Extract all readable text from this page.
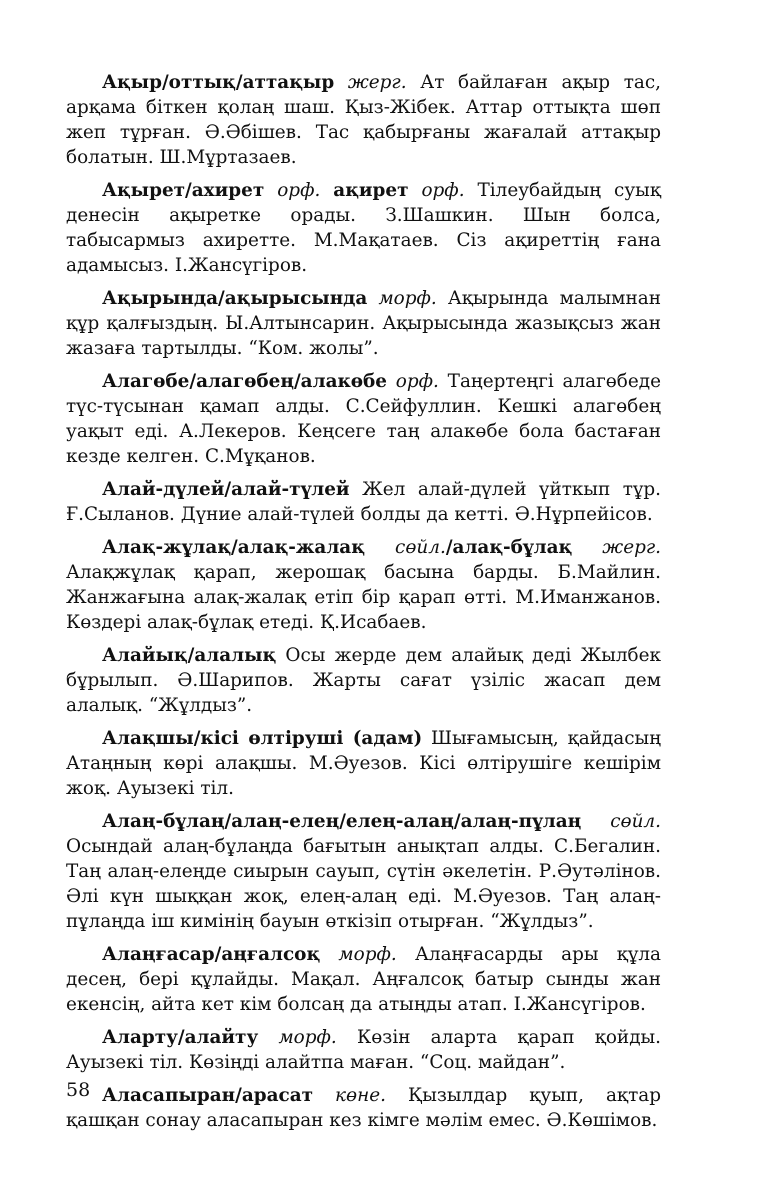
Ақыр/оттық/аттақыр жерг. Ат байлаған ақыр тас, арқама біткен қолаң шаш. Қыз-Жібек. Аттар оттықта шөп жеп тұрған. Ә.Әбішев. Тас қабырғаны жағалай аттақыр болатын. Ш.Мұртазаев.

Ақырет/ахирет орф. ақирет орф. Тілеубайдың суық денесін ақыретке орады. З.Шашкин. Шын болса, табысармыз ахиретте. М.Мақатаев. Сіз ақиреттің ғана адамысыз. І.Жансүгіров.

Ақырында/ақырысында морф. Ақырында малымнан құр қалғыздың. Ы.Алтынсарин. Ақырысында жазықсыз жан жазаға тартылды. “Ком. жолы”.

Алагөбе/алагөбең/алакөбе орф. Таңертеңгі алагөбеде түс-түсынан қамап алды. С.Сейфуллин. Кешкі алагөбең уақыт еді. А.Лекеров. Кеңсеге таң алакөбе бола бастаған кезде келген. С.Мұқанов.

Алай-дүлей/алай-түлей Жел алай-дүлей үйткып тұр. Ғ.Сыланов. Дүние алай-түлей болды да кетті. Ә.Нұрпейісов.

Алақ-жұлақ/алақ-жалақ сөйл./алақ-бұлақ жерг. Алақжұлақ қарап, жерошақ басына барды. Б.Майлин. Жанжағына алақ-жалақ етіп бір қарап өтті. М.Иманжанов. Көздері алақ-бұлақ етеді. Қ.Исабаев.

Алайық/алалық Осы жерде дем алайық деді Жылбек бұрылып. Ә.Шарипов. Жарты сағат үзіліс жасап дем алалық. “Жұлдыз”.

Алақшы/кісі өлтіруші (адам) Шығамысың, қайдасың Атаңның көрі алақшы. М.Әуезов. Кісі өлтірушіге кешірім жоқ. Ауызекі тіл.

Алаң-бұлаң/алаң-елең/елең-алаң/алаң-пұлаң сөйл. Осындай алаң-бұлаңда бағытын анықтап алды. С.Бегалин. Таң алаң-елеңде сиырын сауып, сүтін әкелетін. Р.Әутәлінов. Әлі күн шыққан жоқ, елең-алаң еді. М.Әуезов. Таң алаң-пұлаңда іш кимінің бауын өткізіп отырған. “Жұлдыз”.

Алаңғасар/аңғалсоқ морф. Алаңғасарды ары құла десең, бері құлайды. Мақал. Аңғалсоқ батыр сынды жан екенсің, айта кет кім болсаң да атыңды атап. І.Жансүгіров.

Аларту/алайту морф. Көзін аларта қарап қойды. Ауызекі тіл. Көзіңді алайтпа маған. “Соц. майдан”.

Аласапыран/арасат көне. Қызылдар қуып, ақтар қашқан сонау аласапыран кез кімге мәлім емес. Ә.Көшімов.

58
